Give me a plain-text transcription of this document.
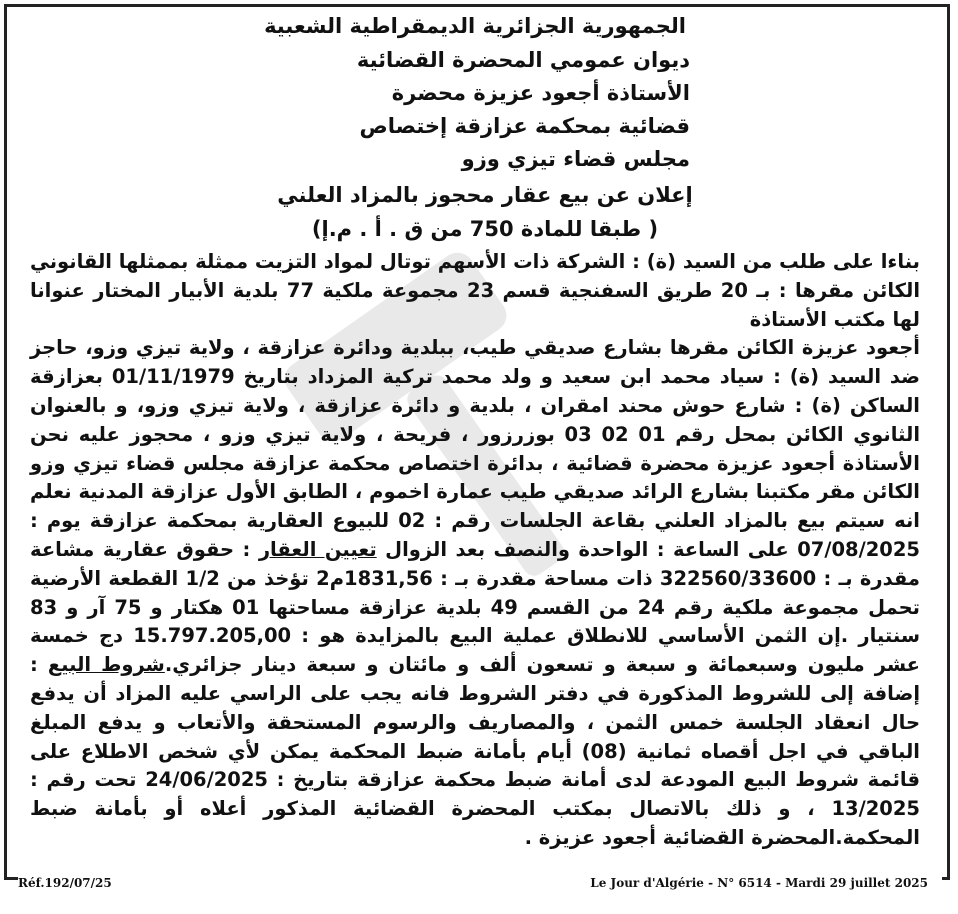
الجمهورية الجزائرية الديمقراطية الشعبية
ديوان عمومي المحضرة القضائية
الأستاذة أجعود عزيزة محضرة
قضائية بمحكمة عزازقة إختصاص
مجلس قضاء تيزي وزو
إعلان عن بيع عقار محجوز بالمزاد العلني
( طبقا للمادة 750 من ق . أ . م.إ)

بناءا على طلب من السيد (ة) : الشركة ذات الأسهم توتال لمواد التزيت ممثلة بممثلها القانوني الكائن مقرها : بـ 20 طريق السفنجية قسم 23 مجموعة ملكية 77 بلدية الأبيار المختار عنوانا لها مكتب الأستاذة

أجعود عزيزة الكائن مقرها بشارع صديقي طيب، ببلدية ودائرة عزازقة ، ولاية تيزي وزو، حاجز ضد السيد (ة) : سياد محمد ابن سعيد و ولد محمد تركية المزداد بتاريخ 01/11/1979 بعزازقة الساكن (ة) : شارع حوش محند امقران ، بلدية و دائرة عزازقة ، ولاية تيزي وزو، و بالعنوان الثانوي الكائن بمحل رقم 01 02 03 بوزرزور ، فريحة ، ولاية تيزي وزو ، محجوز عليه نحن الأستاذة أجعود عزيزة محضرة قضائية ، بدائرة اختصاص محكمة عزازقة مجلس قضاء تيزي وزو الكائن مقر مكتبنا بشارع الرائد صديقي طيب عمارة اخموم ، الطابق الأول عزازقة المدنية نعلم انه سيتم بيع بالمزاد العلني بقاعة الجلسات رقم : 02 للبيوع العقارية بمحكمة عزازقة يوم : 07/08/2025 على الساعة : الواحدة والنصف بعد الزوال تعيين العقار : حقوق عقارية مشاعة مقدرة بـ : 322560/33600 ذات مساحة مقدرة بـ : 1831,56م2 تؤخذ من 1/2 القطعة الأرضية تحمل مجموعة ملكية رقم 24 من القسم 49 بلدية عزازقة مساحتها 01 هكتار و 75 آر و 83 سنتيار .إن الثمن الأساسي للانطلاق عملية البيع بالمزايدة هو : 15.797.205,00 دج خمسة عشر مليون وسبعمائة و سبعة و تسعون ألف و مائتان و سبعة دينار جزائري.شروط البيع : إضافة إلى للشروط المذكورة في دفتر الشروط فانه يجب على الراسي عليه المزاد أن يدفع حال انعقاد الجلسة خمس الثمن ، والمصاريف والرسوم المستحقة والأتعاب و يدفع المبلغ الباقي في اجل أقصاه ثمانية (08) أيام بأمانة ضبط المحكمة يمكن لأي شخص الاطلاع على قائمة شروط البيع المودعة لدى أمانة ضبط محكمة عزازقة بتاريخ : 24/06/2025 تحت رقم : 13/2025 ، و ذلك بالاتصال بمكتب المحضرة القضائية المذكور أعلاه أو بأمانة ضبط المحكمة.المحضرة القضائية أجعود عزيزة .

Réf.192/07/25	Le Jour d'Algérie - N° 6514 - Mardi 29 juillet 2025
